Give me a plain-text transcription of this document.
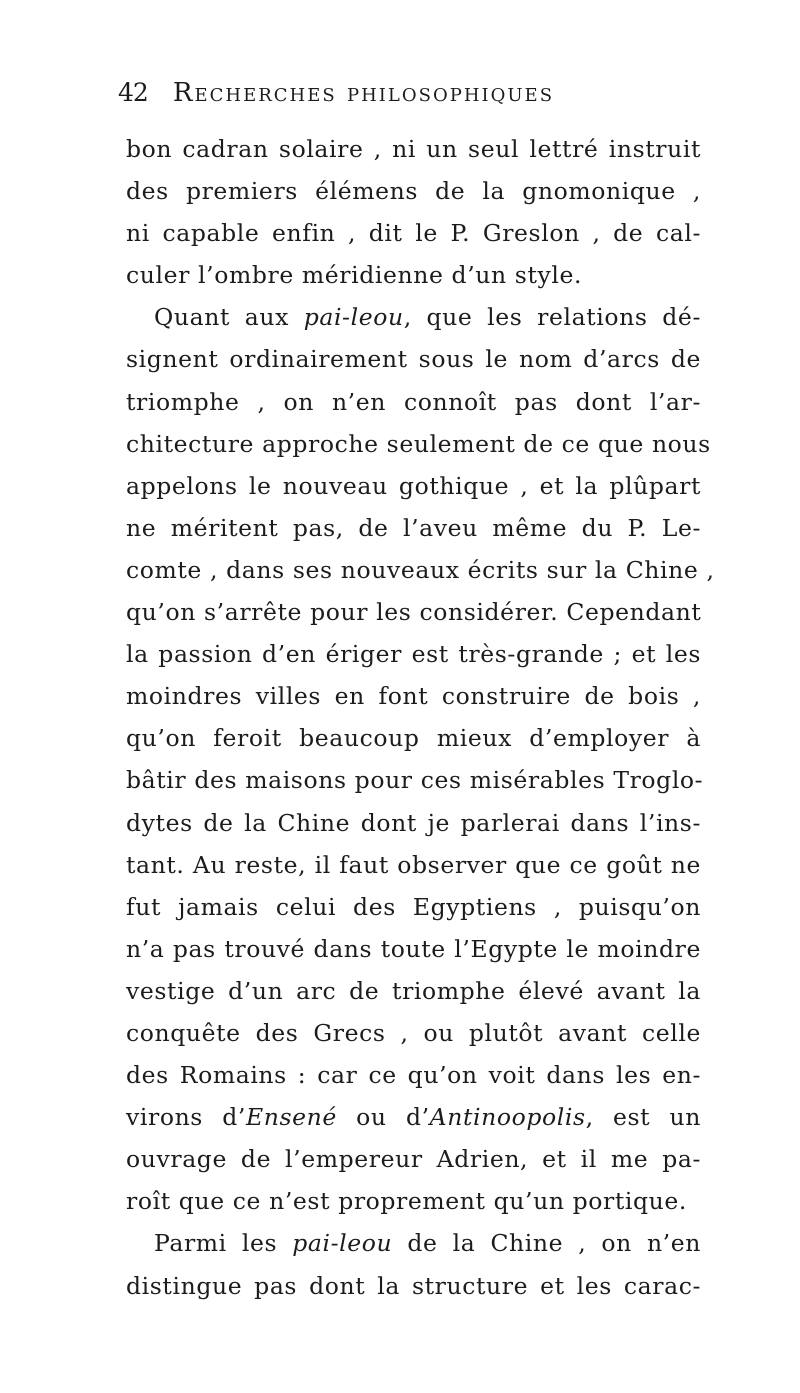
42 Recherches philosophiques
bon cadran solaire , ni un seul lettré instruit
des premiers élémens de la gnomonique ,
ni capable enfin , dit le P. Greslon , de cal-
culer l’ombre méridienne d’un style.
Quant aux pai-leou, que les relations dé-
signent ordinairement sous le nom d’arcs de
triomphe , on n’en connoît pas dont l’ar-
chitecture approche seulement de ce que nous
appelons le nouveau gothique , et la plûpart
ne méritent pas, de l’aveu même du P. Le-
comte , dans ses nouveaux écrits sur la Chine ,
qu’on s’arrête pour les considérer. Cependant
la passion d’en ériger est très-grande ; et les
moindres villes en font construire de bois ,
qu’on feroit beaucoup mieux d’employer à
bâtir des maisons pour ces misérables Troglo-
dytes de la Chine dont je parlerai dans l’ins-
tant. Au reste, il faut observer que ce goût ne
fut jamais celui des Egyptiens , puisqu’on
n’a pas trouvé dans toute l’Egypte le moindre
vestige d’un arc de triomphe élevé avant la
conquête des Grecs , ou plutôt avant celle
des Romains : car ce qu’on voit dans les en-
virons d’Ensené ou d’Antinoopolis, est un
ouvrage de l’empereur Adrien, et il me pa-
roît que ce n’est proprement qu’un portique.
Parmi les pai-leou de la Chine , on n’en
distingue pas dont la structure et les carac-
